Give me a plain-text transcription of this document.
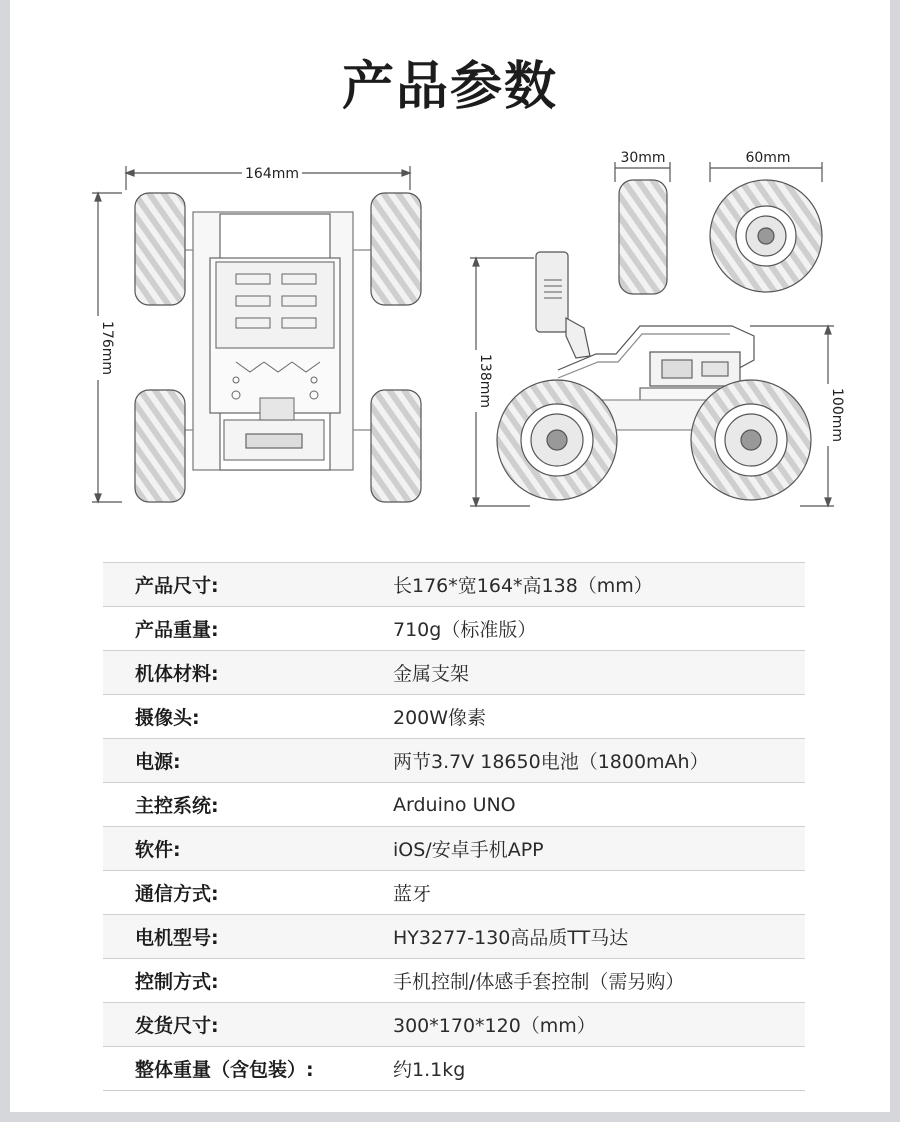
产品参数
164mm
176mm
138mm
100mm
30mm	60mm
产品尺寸:	长176*宽164*高138（mm）
产品重量:	710g（标准版）
机体材料:	金属支架
摄像头:	200W像素
电源:	两节3.7V 18650电池（1800mAh）
主控系统:	Arduino UNO
软件:	iOS/安卓手机APP
通信方式:	蓝牙
电机型号:	HY3277-130高品质TT马达
控制方式:	手机控制/体感手套控制（需另购）
发货尺寸:	300*170*120（mm）
整体重量（含包装）:	约1.1kg
